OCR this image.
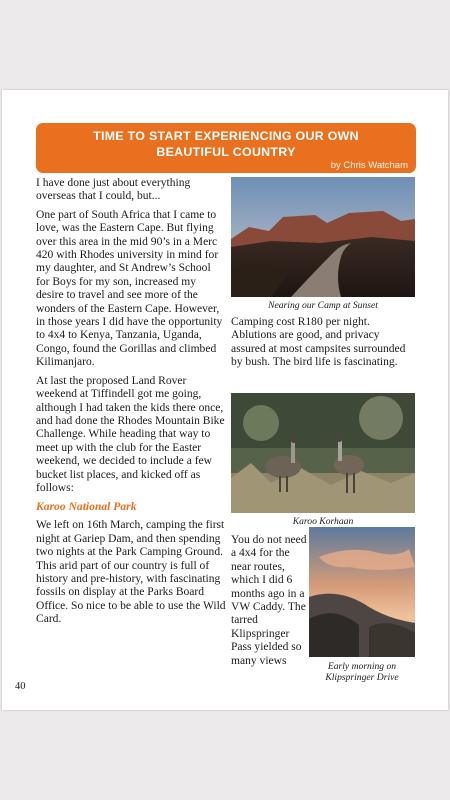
TIME TO START EXPERIENCING OUR OWN
BEAUTIFUL COUNTRY
by Chris Watcham

I have done just about everything overseas that I could, but...

One part of South Africa that I came to love, was the Eastern Cape. But flying over this area in the mid 90’s in a Merc 420 with Rhodes university in mind for my daughter, and St Andrew’s School for Boys for my son, increased my desire to travel and see more of the wonders of the Eastern Cape. However, in those years I did have the opportunity to 4x4 to Kenya, Tanzania, Uganda, Congo, found the Gorillas and climbed Kilimanjaro.

At last the proposed Land Rover weekend at Tiffindell got me going, although I had taken the kids there once, and had done the Rhodes Mountain Bike Challenge. While heading that way to meet up with the club for the Easter weekend, we decided to include a few bucket list places, and kicked off as follows:

Karoo National Park

We left on 16th March, camping the first night at Gariep Dam, and then spending two nights at the Park Camping Ground. This arid part of our country is full of history and pre-history, with fascinating fossils on display at the Parks Board Office. So nice to be able to use the Wild Card.

Nearing our Camp at Sunset

Camping cost R180 per night. Ablutions are good, and privacy assured at most campsites surrounded by bush. The bird life is fascinating.

Karoo Korhaan

You do not need a 4x4 for the near routes, which I did 6 months ago in a VW Caddy. The tarred Klipspringer Pass yielded so many views	Early morning on
Klipspringer Drive
40
